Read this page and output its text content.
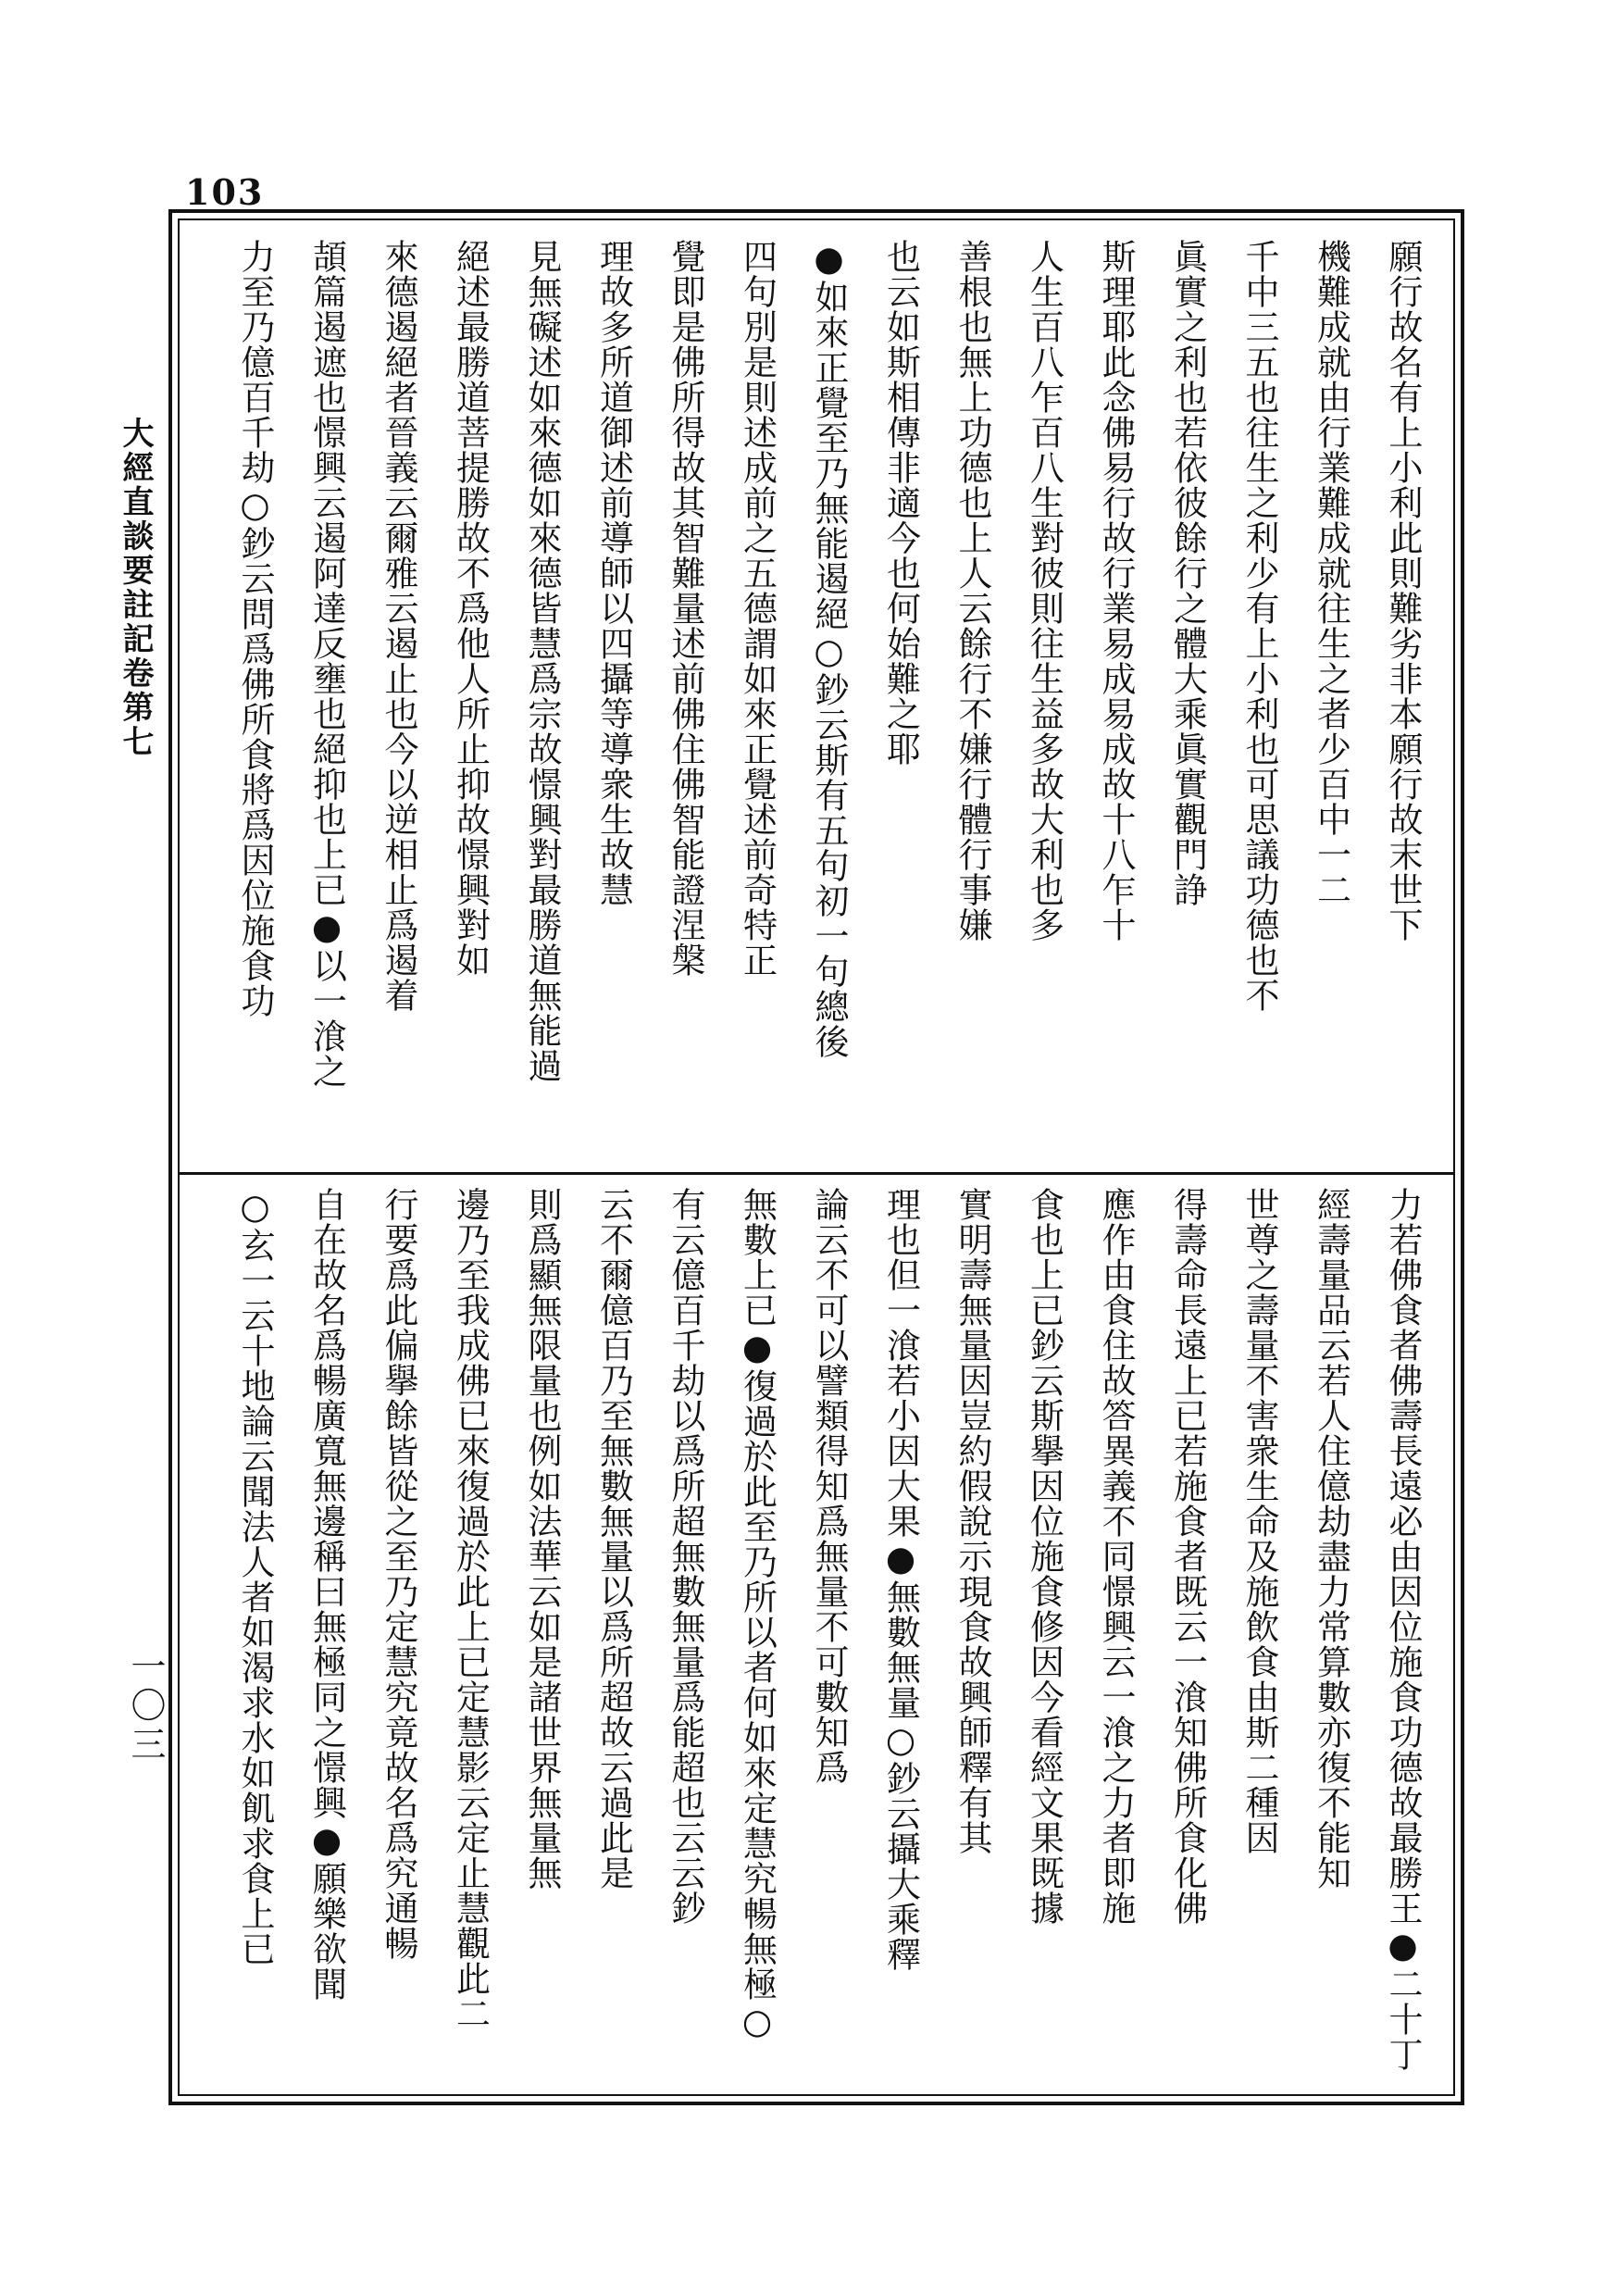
103
大經直談要註記卷第七
一〇三
願行故名有上小利此則難劣非本願行故末世下
機難成就由行業難成就往生之者少百中一二
千中三五也往生之利少有上小利也可思議功德也不
眞實之利也若依彼餘行之體大乘眞實觀門諍
斯理耶此念佛易行故行業易成易成故十八乍十
人生百八乍百八生對彼則往生益多故大利也多
善根也無上功德也上人云餘行不嫌行體行事嫌
也云如斯相傳非適今也何始難之耶
●如來正覺至乃無能遏絕○鈔云斯有五句初一句總後
四句別是則述成前之五德謂如來正覺述前奇特正
覺即是佛所得故其智難量述前佛住佛智能證涅槃
理故多所道御述前導師以四攝等導衆生故慧
見無礙述如來德如來德皆慧爲宗故憬興對最勝道無能過
絕述最勝道菩提勝故不爲他人所止抑故憬興對如
來德遏絕者晉義云爾雅云遏止也今以逆相止爲遏着
頡篇遏遮也憬興云遏阿達反壅也絕抑也上已●以一湌之
力至乃億百千劫○鈔云問爲佛所食將爲因位施食功
力若佛食者佛壽長遠必由因位施食功德故最勝王●二十丁
經壽量品云若人住億劫盡力常算數亦復不能知
世尊之壽量不害衆生命及施飲食由斯二種因
得壽命長遠上已若施食者既云一湌知佛所食化佛
應作由食住故答異義不同憬興云一湌之力者即施
食也上已鈔云斯擧因位施食修因今看經文果既據
實明壽無量因豈約假說示現食故興師釋有其
理也但一湌若小因大果●無數無量○鈔云攝大乘釋
論云不可以譬類得知爲無量不可數知爲
無數上已●復過於此至乃所以者何如來定慧究暢無極○
有云億百千劫以爲所超無數無量爲能超也云云鈔
云不爾億百乃至無數無量以爲所超故云過此是
則爲顯無限量也例如法華云如是諸世界無量無
邊乃至我成佛已來復過於此上已定慧影云定止慧觀此二
行要爲此偏擧餘皆從之至乃定慧究竟故名爲究通暢
自在故名爲暢廣寬無邊稱曰無極同之憬興●願樂欲聞
○玄一云十地論云聞法人者如渴求水如飢求食上已
